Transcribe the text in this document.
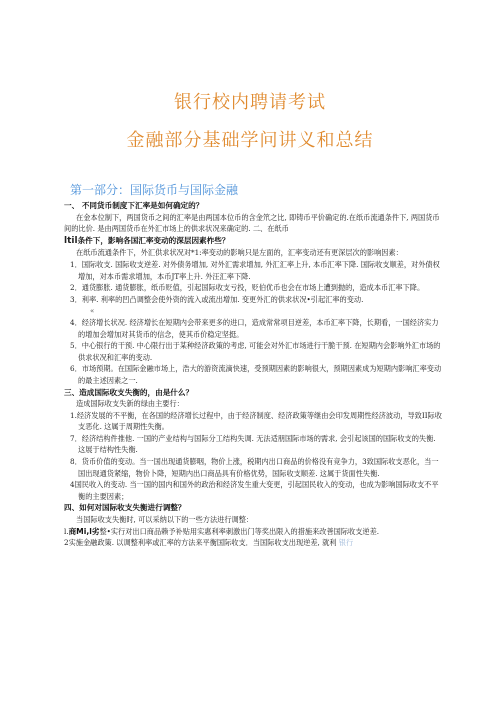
银行校内聘请考试
金融部分基础学问讲义和总结
第一部分：国际货币与国际金融

一、 不同货币制度下汇率是如何确定的？

在金本位制下，两国货币之间的汇率是由两国本位币的含金笊之比, 即铸币平价确定的.在纸币流通条件下, 两国货币间的比价. 是由两国货币在外汇市场上的供求状况来确定的. 二、在纸币

ltil条件下，影响各国汇率变动的深层因素柞些？

在纸币流通条件下，外汇供求状况对*1:率变动的影响只是左面的，汇率变动还有更深层次的影响因素：

1．国际收支. 国际收支逆差. 对外债务增加, 对外汇需求增加, 外汇汇率上升, 本币汇率下降. 国际收支顺差，对外债权增加，对本币需求增加，本币JT率上升. 外汪汇率下降.

2．通货膨胀. 通货膨胀，纸币贬值，引起国际收支亏投，贬伯优币也会在市场上遭到抛的，造成本币汇率下降。

3．利率. 利率的凹凸调整会使外资的流入或流出增加. 变更外汇的供求状况•引起汇率的变动.

«

4．经济增长状况. 经济增长在短期内会带来更多的进口，造成常常项目逆差，本币汇率下降，长期看，一国经济实力的增加会增加对其货币的信念，使其币价稳定坚挺。

5．中心银行的干预. 中心限行出于某种经济政策的考虑, 可能会对外汇市场进行干脆干预. 在短期内会影响外汇市场的供求状况和汇率的变动.

6．市场预期。在国际金融市场上，浩大的游资流滴快速，受预期因素的影响很大，预期因素成为短期内影响汇率变动的最主述因素之一.

三、造成国际收支失衡的，由是什么？

造成国际收支失新的绿由主要行：

1.经济发展的不平衡，在各国的经济增长过程中，由于经济制度、经济政策等继由会印发周期性经济波动，导致II际收支恶化. 这属于周期性失衡。

7．经济结构件推他. 一国的产业结构与国际分工结构失调. 无法适朋国际市场的需求, 会引起该国的国际收支的失衡. 这展于结构性失衡.

8．货币价值的变动。当一国出现通货膨咽，物价上涨，税期内出口商品的价格没有竞争力，3致国际收支恶化，当一国出现通货紧缩，物价卜降，短期内出口商品具有价格优势，国际收支顺差. 这属于货面性失衡.

4国民收入的变动. 当一国的国内和国外的政治和经济发生重大变更，引起国民收入的变动，也成为影响国际收支不平衡的主要因素；

四、如何对国际收支失衡进行调整？

当国际收支失衡时, 可以采纳以下的一些方法进行调整：

l.商Mi,l劣整•实行对出口商品赖予补贴用实惠利率刺激出门等奖出限入的措施来改善国际收支逆差.

2实施金融政策. 以调整利率或汇率的方法来平衡国际收支．当国际收支出现逆差, 就利 银行
